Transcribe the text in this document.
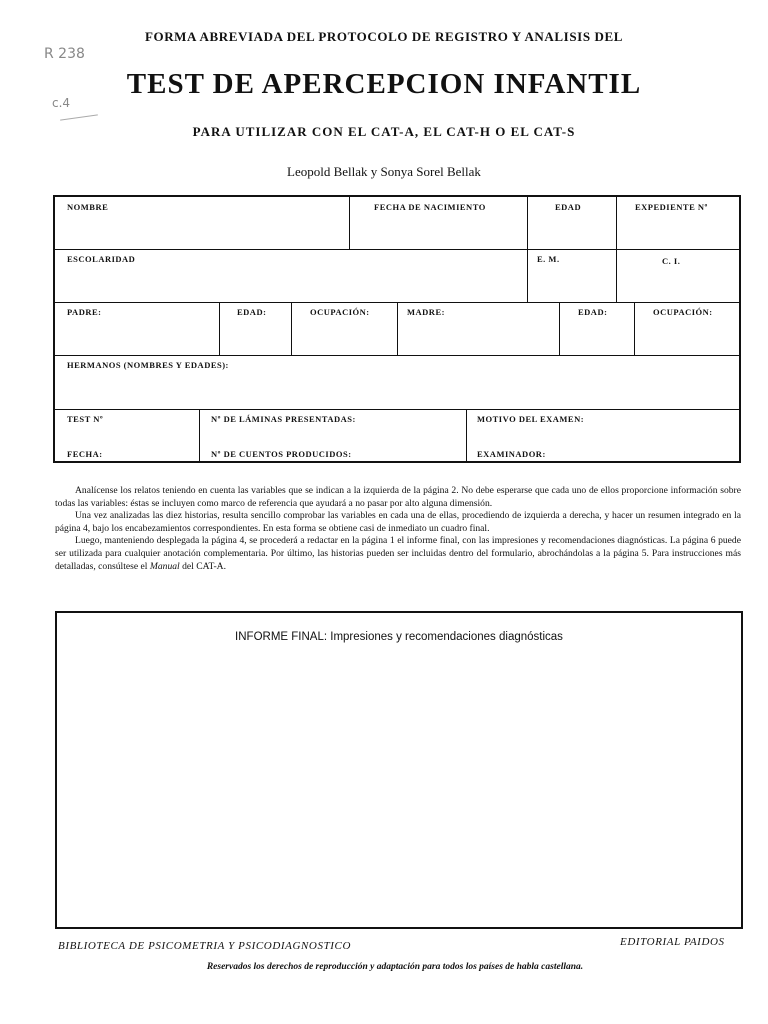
FORMA ABREVIADA DEL PROTOCOLO DE REGISTRO Y ANALISIS DEL
TEST DE APERCEPCION INFANTIL
PARA UTILIZAR CON EL CAT-A, EL CAT-H O EL CAT-S
Leopold Bellak y Sonya Sorel Bellak
R 238
c.4
NOMBRE	FECHA DE NACIMIENTO	EDAD	EXPEDIENTE Nº
ESCOLARIDAD	E. M.	C. I.
PADRE:	EDAD:	OCUPACIÓN:	MADRE:	EDAD:	OCUPACIÓN:
HERMANOS (NOMBRES Y EDADES):
TEST Nº	Nº DE LÁMINAS PRESENTADAS:	MOTIVO DEL EXAMEN:
FECHA:	Nº DE CUENTOS PRODUCIDOS:	EXAMINADOR:

Analícense los relatos teniendo en cuenta las variables que se indican a la izquierda de la página 2. No debe esperarse que cada uno de ellos proporcione información sobre todas las variables: éstas se incluyen como marco de referencia que ayudará a no pasar por alto alguna dimensión.

Una vez analizadas las diez historias, resulta sencillo comprobar las variables en cada una de ellas, procediendo de izquierda a derecha, y hacer un resumen integrado en la página 4, bajo los encabezamientos correspondientes. En esta forma se obtiene casi de inmediato un cuadro final.

Luego, manteniendo desplegada la página 4, se procederá a redactar en la página 1 el informe final, con las impresiones y recomendaciones diagnósticas. La página 6 puede ser utilizada para cualquier anotación complementaria. Por último, las historias pueden ser incluidas dentro del formulario, abrochándolas a la página 5. Para instrucciones más detalladas, consúltese el Manual del CAT-A.

INFORME FINAL: Impresiones y recomendaciones diagnósticas
BIBLIOTECA DE PSICOMETRIA Y PSICODIAGNOSTICO	EDITORIAL PAIDOS
Reservados los derechos de reproducción y adaptación para todos los países de habla castellana.
